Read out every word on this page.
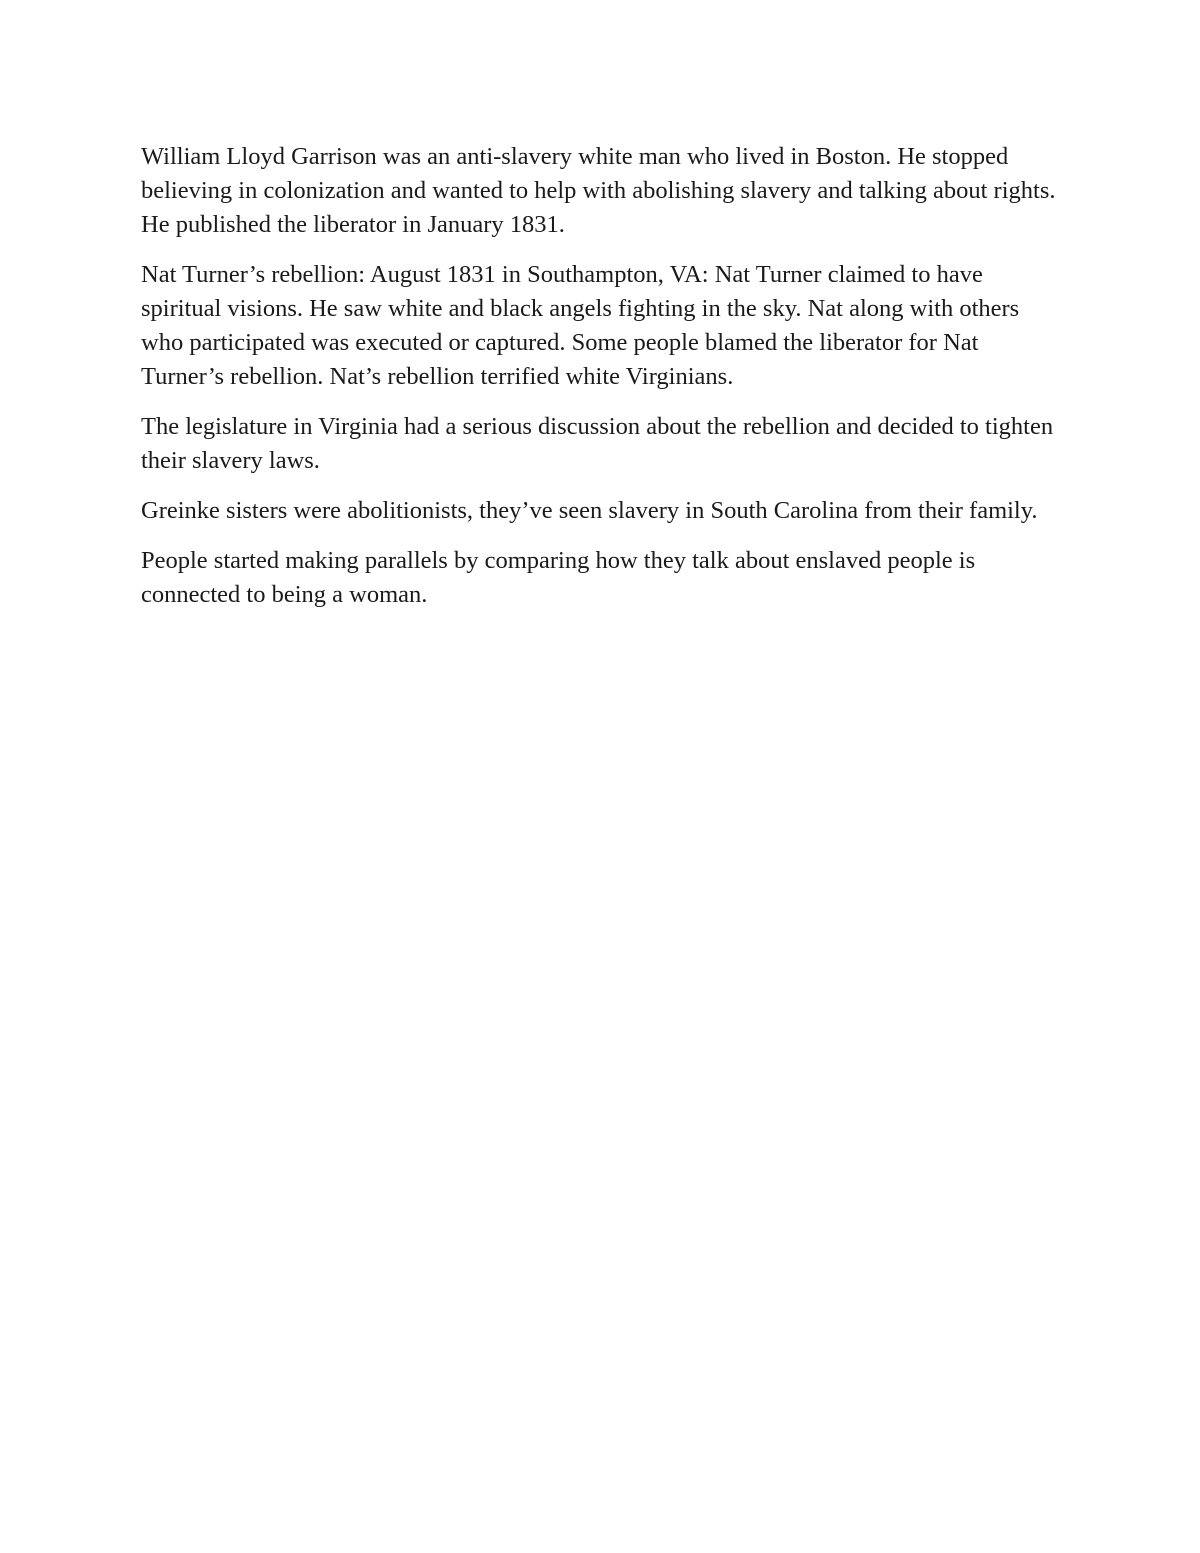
William Lloyd Garrison was an anti-slavery white man who lived in Boston. He stopped believing in colonization and wanted to help with abolishing slavery and talking about rights. He published the liberator in January 1831.

Nat Turner’s rebellion: August 1831 in Southampton, VA: Nat Turner claimed to have spiritual visions. He saw white and black angels fighting in the sky. Nat along with others who participated was executed or captured. Some people blamed the liberator for Nat Turner’s rebellion. Nat’s rebellion terrified white Virginians.

The legislature in Virginia had a serious discussion about the rebellion and decided to tighten their slavery laws.

Greinke sisters were abolitionists, they’ve seen slavery in South Carolina from their family.

People started making parallels by comparing how they talk about enslaved people is connected to being a woman.
